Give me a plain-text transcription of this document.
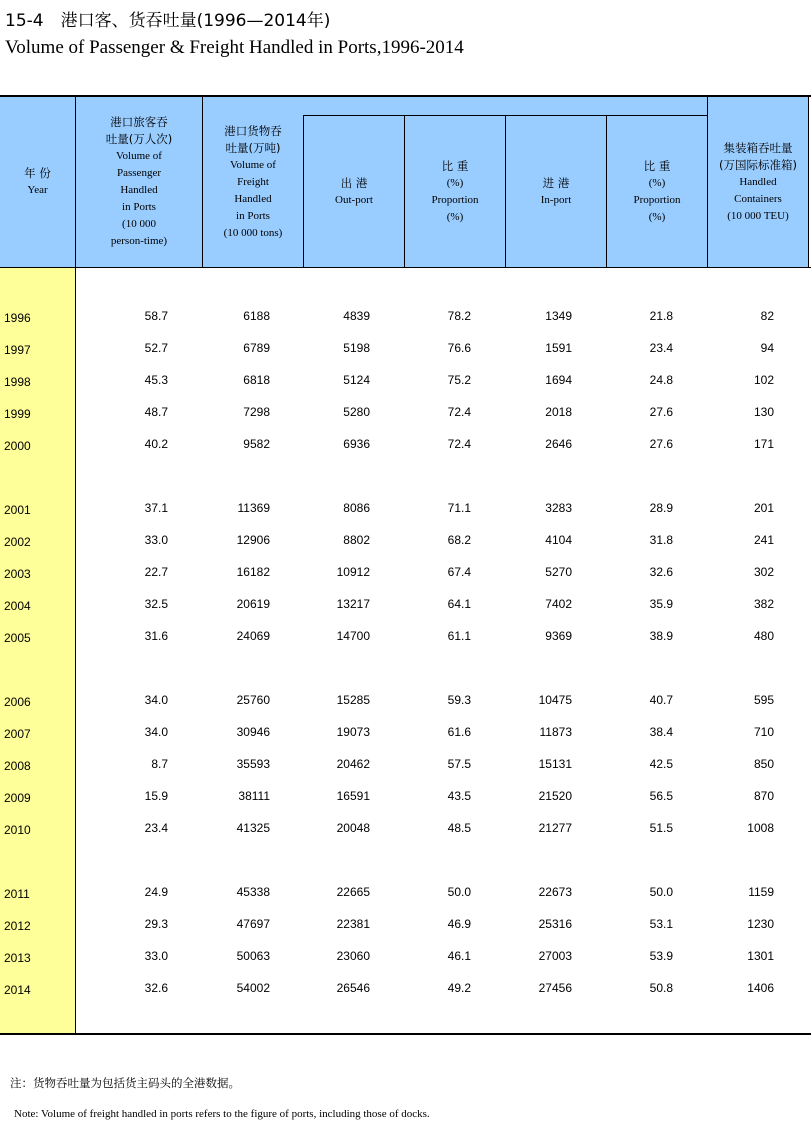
15-4　港口客、货吞吐量(1996—2014年)
Volume of Passenger & Freight Handled in Ports,1996-2014
年 份
Year
港口旅客吞
吐量(万人次)
Volume of
Passenger
Handled
in Ports
(10 000
person-time)
港口货物吞
吐量(万吨)
Volume of
Freight
Handled
in Ports
(10 000 tons)
出 港
Out-port
比 重
(%)
Proportion
(%)
进 港
In-port
比 重
(%)
Proportion
(%)
集装箱吞吐量
(万国际标准箱)
Handled
Containers
(10 000 TEU)
1996	58.7	6188	4839	78.2	1349	21.8	82
1997	52.7	6789	5198	76.6	1591	23.4	94
1998	45.3	6818	5124	75.2	1694	24.8	102
1999	48.7	7298	5280	72.4	2018	27.6	130
2000	40.2	9582	6936	72.4	2646	27.6	171
2001	37.1	11369	8086	71.1	3283	28.9	201
2002	33.0	12906	8802	68.2	4104	31.8	241
2003	22.7	16182	10912	67.4	5270	32.6	302
2004	32.5	20619	13217	64.1	7402	35.9	382
2005	31.6	24069	14700	61.1	9369	38.9	480
2006	34.0	25760	15285	59.3	10475	40.7	595
2007	34.0	30946	19073	61.6	11873	38.4	710
2008	8.7	35593	20462	57.5	15131	42.5	850
2009	15.9	38111	16591	43.5	21520	56.5	870
2010	23.4	41325	20048	48.5	21277	51.5	1008
2011	24.9	45338	22665	50.0	22673	50.0	1159
2012	29.3	47697	22381	46.9	25316	53.1	1230
2013	33.0	50063	23060	46.1	27003	53.9	1301
2014	32.6	54002	26546	49.2	27456	50.8	1406
注：货物吞吐量为包括货主码头的全港数据。
Note: Volume of freight handled in ports refers to the figure of ports, including those of docks.
